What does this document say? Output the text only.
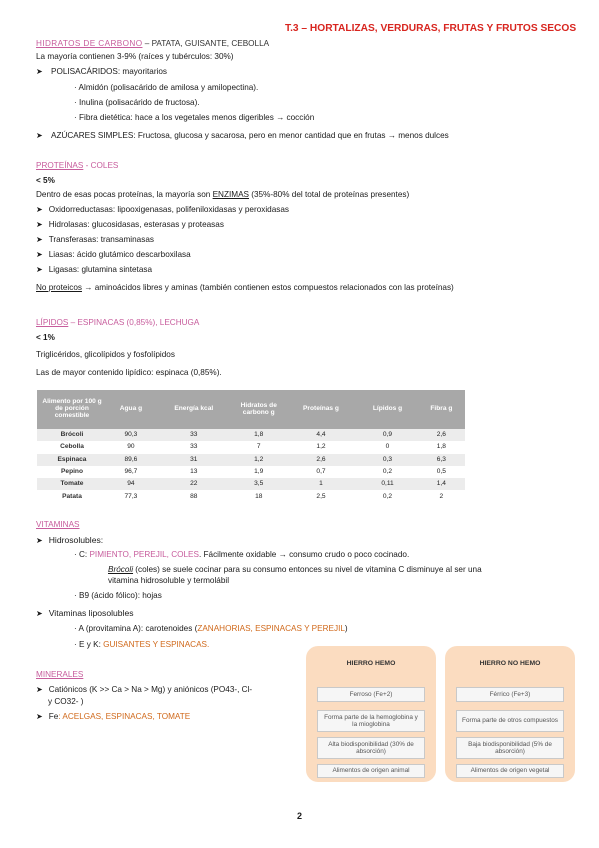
T.3 – HORTALIZAS, VERDURAS, FRUTAS Y FRUTOS SECOS
HIDRATOS DE CARBONO – PATATA, GUISANTE, CEBOLLA
La mayoría contienen 3-9% (raíces y tubérculos: 30%)
➤ POLISACÁRIDOS: mayoritarios
· Almidón (polisacárido de amilosa y amilopectina).
· Inulina (polisacárido de fructosa).
· Fibra dietética: hace a los vegetales menos digeribles → cocción
➤ AZÚCARES SIMPLES: Fructosa, glucosa y sacarosa, pero en menor cantidad que en frutas → menos dulces
PROTEÍNAS - COLES
< 5%
Dentro de esas pocas proteínas, la mayoría son ENZIMAS (35%-80% del total de proteínas presentes)
➤ Oxidorreductasas: lipooxigenasas, polifeniloxidasas y peroxidasas
➤ Hidrolasas: glucosidasas, esterasas y proteasas
➤ Transferasas: transaminasas
➤ Liasas: ácido glutámico descarboxilasa
➤ Ligasas: glutamina sintetasa
No proteicos → aminoácidos libres y aminas (también contienen estos compuestos relacionados con las proteínas)
LÍPIDOS – ESPINACAS (0,85%), LECHUGA
< 1%
Triglicéridos, glicolípidos y fosfolípidos
Las de mayor contenido lipídico: espinaca (0,85%).
Alimento por 100 g de porción comestible	Agua g	Energía kcal	Hidratos de carbono g	Proteínas g	Lípidos g	Fibra g
Brócoli	90,3	33	1,8	4,4	0,9	2,6
Cebolla	90	33	7	1,2	0	1,8
Espinaca	89,6	31	1,2	2,6	0,3	6,3
Pepino	96,7	13	1,9	0,7	0,2	0,5
Tomate	94	22	3,5	1	0,11	1,4
Patata	77,3	88	18	2,5	0,2	2
VITAMINAS
➤ Hidrosolubles:
· C: PIMIENTO, PEREJIL, COLES. Fácilmente oxidable → consumo crudo o poco cocinado.
Brócoli (coles) se suele cocinar para su consumo entonces su nivel de vitamina C disminuye al ser una
vitamina hidrosoluble y termolábil
· B9 (ácido fólico): hojas
➤ Vitaminas liposolubles
· A (provitamina A): carotenoides (ZANAHORIAS, ESPINACAS Y PEREJIL)
· E y K: GUISANTES Y ESPINACAS.
MINERALES
➤ Catiónicos (K >> Ca > Na > Mg) y aniónicos (PO43-, Cl-
y CO32- )
➤ Fe: ACELGAS, ESPINACAS, TOMATE
HIERRO HEMO
Ferroso (Fe+2)
Forma parte de la hemoglobina y la mioglobina
Alta biodisponibilidad (30% de absorción)
Alimentos de origen animal
HIERRO NO HEMO
Férrico (Fe+3)
Forma parte de otros compuestos
Baja biodisponibilidad (5% de absorción)
Alimentos de origen vegetal
2
